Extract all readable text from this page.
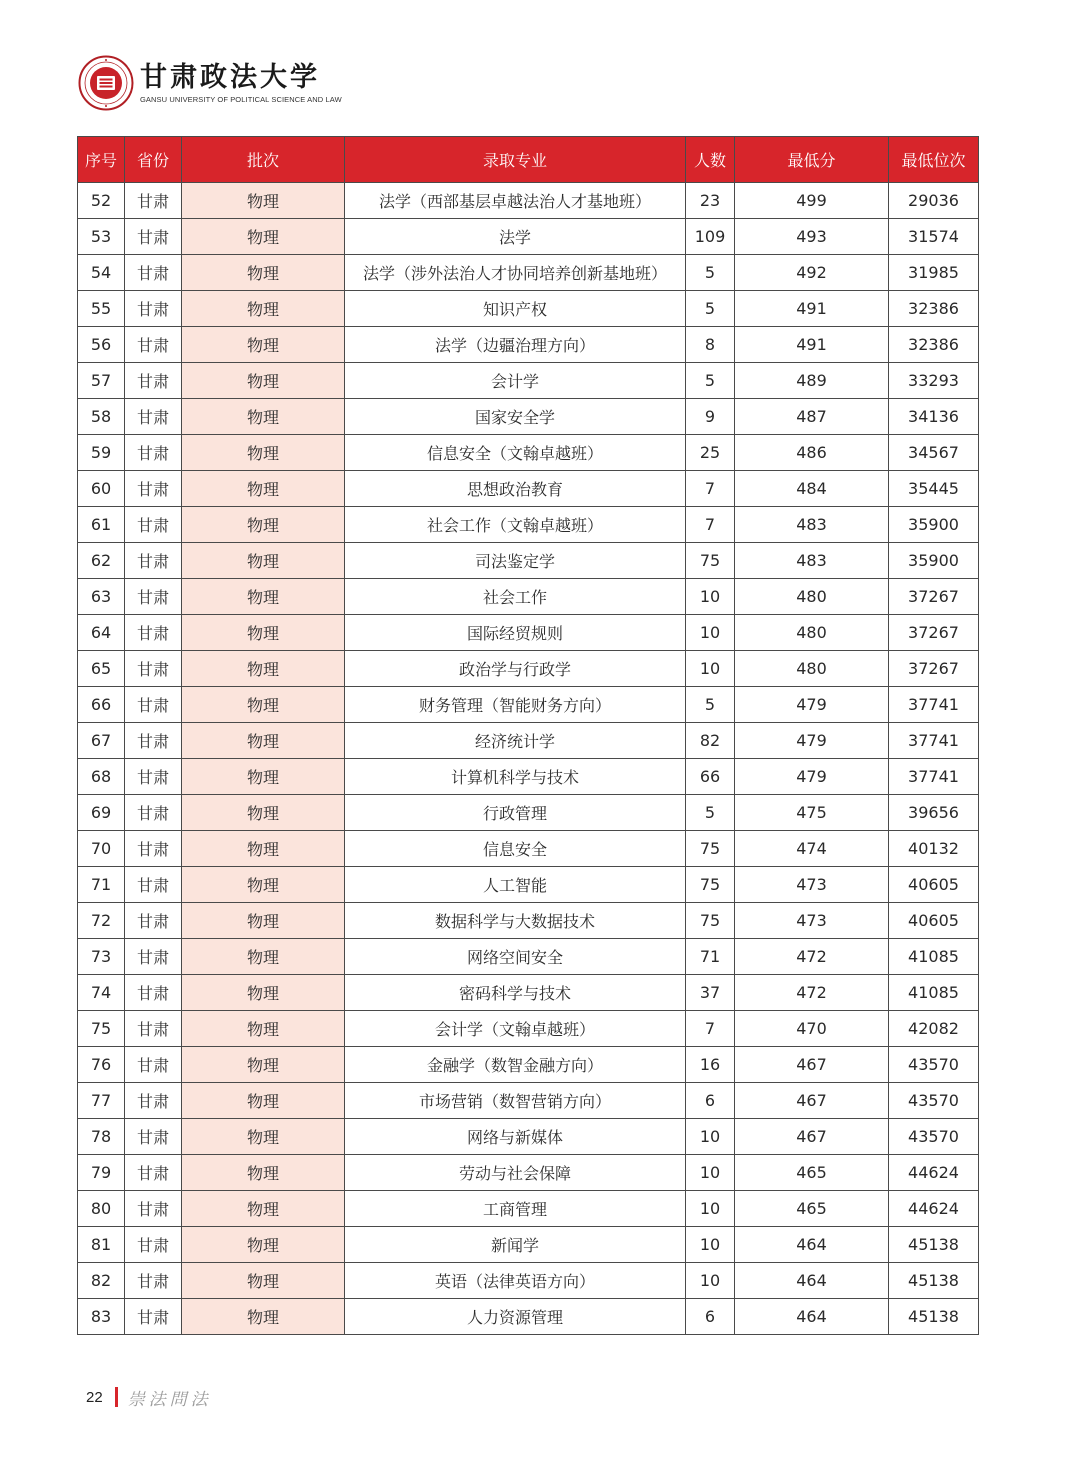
甘肃政法大学
GANSU UNIVERSITY OF POLITICAL SCIENCE AND LAW
序号	省份	批次	录取专业	人数	最低分	最低位次
52	甘肃	物理	法学（西部基层卓越法治人才基地班）	23	499	29036
53	甘肃	物理	法学	109	493	31574
54	甘肃	物理	法学（涉外法治人才协同培养创新基地班）	5	492	31985
55	甘肃	物理	知识产权	5	491	32386
56	甘肃	物理	法学（边疆治理方向）	8	491	32386
57	甘肃	物理	会计学	5	489	33293
58	甘肃	物理	国家安全学	9	487	34136
59	甘肃	物理	信息安全（文翰卓越班）	25	486	34567
60	甘肃	物理	思想政治教育	7	484	35445
61	甘肃	物理	社会工作（文翰卓越班）	7	483	35900
62	甘肃	物理	司法鉴定学	75	483	35900
63	甘肃	物理	社会工作	10	480	37267
64	甘肃	物理	国际经贸规则	10	480	37267
65	甘肃	物理	政治学与行政学	10	480	37267
66	甘肃	物理	财务管理（智能财务方向）	5	479	37741
67	甘肃	物理	经济统计学	82	479	37741
68	甘肃	物理	计算机科学与技术	66	479	37741
69	甘肃	物理	行政管理	5	475	39656
70	甘肃	物理	信息安全	75	474	40132
71	甘肃	物理	人工智能	75	473	40605
72	甘肃	物理	数据科学与大数据技术	75	473	40605
73	甘肃	物理	网络空间安全	71	472	41085
74	甘肃	物理	密码科学与技术	37	472	41085
75	甘肃	物理	会计学（文翰卓越班）	7	470	42082
76	甘肃	物理	金融学（数智金融方向）	16	467	43570
77	甘肃	物理	市场营销（数智营销方向）	6	467	43570
78	甘肃	物理	网络与新媒体	10	467	43570
79	甘肃	物理	劳动与社会保障	10	465	44624
80	甘肃	物理	工商管理	10	465	44624
81	甘肃	物理	新闻学	10	464	45138
82	甘肃	物理	英语（法律英语方向）	10	464	45138
83	甘肃	物理	人力资源管理	6	464	45138
22 崇法問法
